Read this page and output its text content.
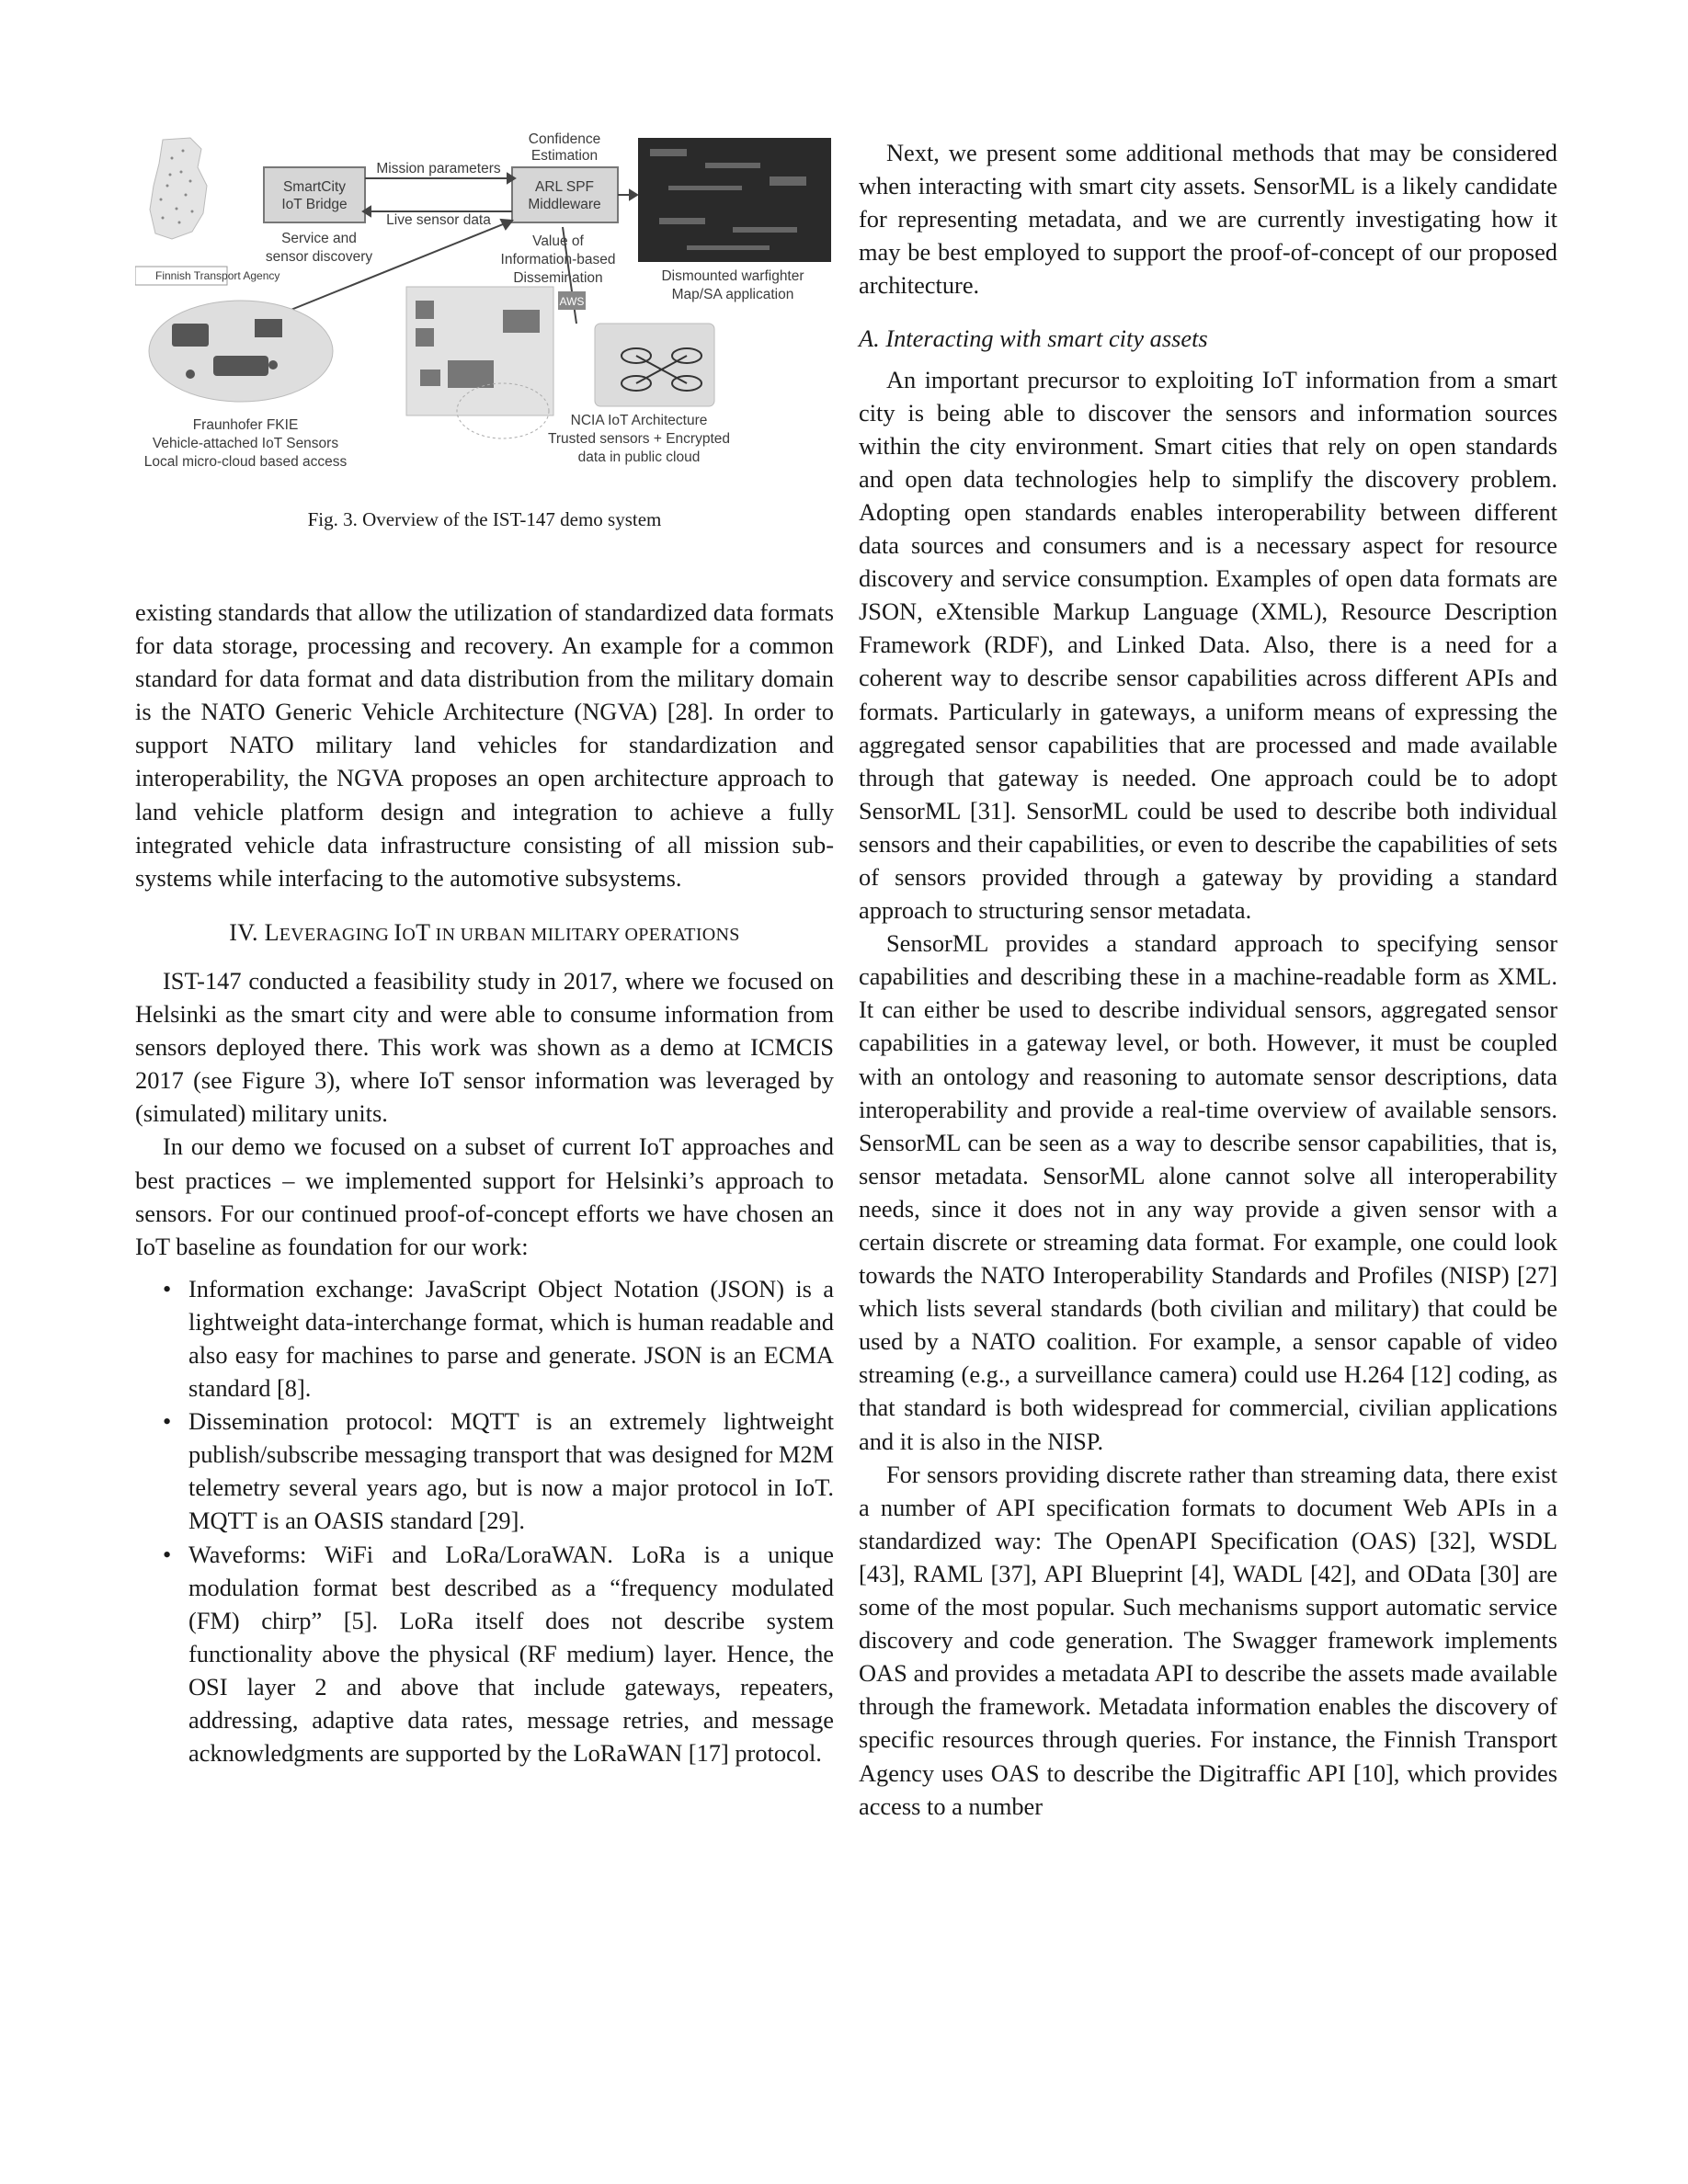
Finnish Transport Agency
SmartCity
IoT Bridge
ARL SPF
Middleware
Confidence
Estimation
Mission parameters
Live sensor data
Service and
sensor discovery
Value of
Information-based
Dissemination	Dismounted warfighter
Map/SA application
Fraunhofer FKIE
Vehicle-attached IoT Sensors
Local micro-cloud based access
AWS
NCIA IoT Architecture
Trusted sensors + Encrypted
data in public cloud
Fig. 3. Overview of the IST-147 demo system

existing standards that allow the utilization of standardized data formats for data storage, processing and recovery. An example for a common standard for data format and data distribution from the military domain is the NATO Generic Vehicle Architecture (NGVA) [28]. In order to support NATO military land vehicles for standardization and interoperability, the NGVA proposes an open architecture approach to land vehicle platform design and integration to achieve a fully integrated vehicle data infrastructure consisting of all mission sub-systems while interfacing to the automotive subsystems.

IV. LEVERAGING IOT IN URBAN MILITARY OPERATIONS

IST-147 conducted a feasibility study in 2017, where we focused on Helsinki as the smart city and were able to consume information from sensors deployed there. This work was shown as a demo at ICMCIS 2017 (see Figure 3), where IoT sensor information was leveraged by (simulated) military units.

In our demo we focused on a subset of current IoT approaches and best practices – we implemented support for Helsinki’s approach to sensors. For our continued proof-of-concept efforts we have chosen an IoT baseline as foundation for our work:

• Information exchange: JavaScript Object Notation (JSON) is a lightweight data-interchange format, which is human readable and also easy for machines to parse and generate. JSON is an ECMA standard [8].
• Dissemination protocol: MQTT is an extremely lightweight publish/subscribe messaging transport that was designed for M2M telemetry several years ago, but is now a major protocol in IoT. MQTT is an OASIS standard [29].
• Waveforms: WiFi and LoRa/LoraWAN. LoRa is a unique modulation format best described as a “frequency modulated (FM) chirp” [5]. LoRa itself does not describe system functionality above the physical (RF medium) layer. Hence, the OSI layer 2 and above that include gateways, repeaters, addressing, adaptive data rates, message retries, and message acknowledgments are supported by the LoRaWAN [17] protocol.

Next, we present some additional methods that may be considered when interacting with smart city assets. SensorML is a likely candidate for representing metadata, and we are currently investigating how it may be best employed to support the proof-of-concept of our proposed architecture.

A. Interacting with smart city assets

An important precursor to exploiting IoT information from a smart city is being able to discover the sensors and information sources within the city environment. Smart cities that rely on open standards and open data technologies help to simplify the discovery problem. Adopting open standards enables interoperability between different data sources and consumers and is a necessary aspect for resource discovery and service consumption. Examples of open data formats are JSON, eXtensible Markup Language (XML), Resource Description Framework (RDF), and Linked Data. Also, there is a need for a coherent way to describe sensor capabilities across different APIs and formats. Particularly in gateways, a uniform means of expressing the aggregated sensor capabilities that are processed and made available through that gateway is needed. One approach could be to adopt SensorML [31]. SensorML could be used to describe both individual sensors and their capabilities, or even to describe the capabilities of sets of sensors provided through a gateway by providing a standard approach to structuring sensor metadata.

SensorML provides a standard approach to specifying sensor capabilities and describing these in a machine-readable form as XML. It can either be used to describe individual sensors, aggregated sensor capabilities in a gateway level, or both. However, it must be coupled with an ontology and reasoning to automate sensor descriptions, data interoperability and provide a real-time overview of available sensors. SensorML can be seen as a way to describe sensor capabilities, that is, sensor metadata. SensorML alone cannot solve all interoperability needs, since it does not in any way provide a given sensor with a certain discrete or streaming data format. For example, one could look towards the NATO Interoperability Standards and Profiles (NISP) [27] which lists several standards (both civilian and military) that could be used by a NATO coalition. For example, a sensor capable of video streaming (e.g., a surveillance camera) could use H.264 [12] coding, as that standard is both widespread for commercial, civilian applications and it is also in the NISP.

For sensors providing discrete rather than streaming data, there exist a number of API specification formats to document Web APIs in a standardized way: The OpenAPI Specification (OAS) [32], WSDL [43], RAML [37], API Blueprint [4], WADL [42], and OData [30] are some of the most popular. Such mechanisms support automatic service discovery and code generation. The Swagger framework implements OAS and provides a metadata API to describe the assets made available through the framework. Metadata information enables the discovery of specific resources through queries. For instance, the Finnish Transport Agency uses OAS to describe the Digitraffic API [10], which provides access to a number
